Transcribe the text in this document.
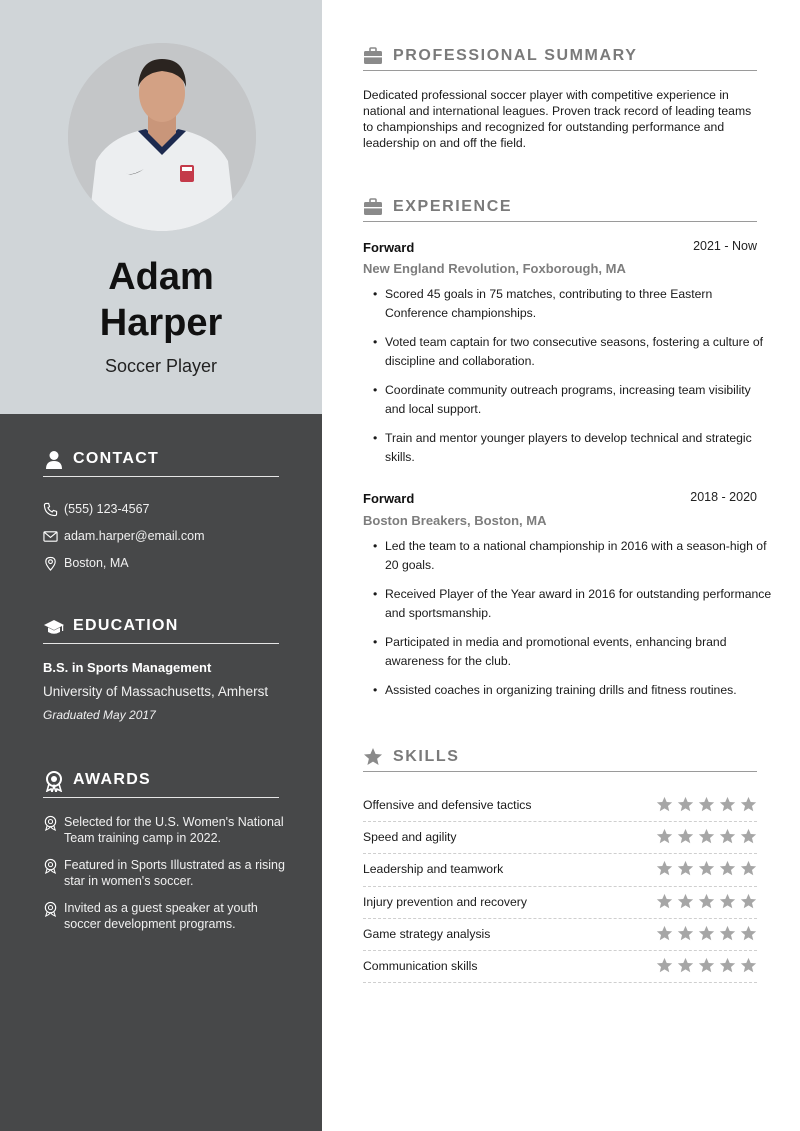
Adam
Harper
Soccer Player
CONTACT
(555) 123-4567
adam.harper@email.com
Boston, MA
EDUCATION
B.S. in Sports Management
University of Massachusetts, Amherst
Graduated May 2017
AWARDS
Selected for the U.S. Women's National Team training camp in 2022.
Featured in Sports Illustrated as a rising star in women's soccer.
Invited as a guest speaker at youth soccer development programs.
PROFESSIONAL SUMMARY
Dedicated professional soccer player with competitive experience in national and international leagues. Proven track record of leading teams to championships and recognized for outstanding performance and leadership on and off the field.
EXPERIENCE
Forward	2021 - Now
New England Revolution, Foxborough, MA
• Scored 45 goals in 75 matches, contributing to three Eastern Conference championships.
• Voted team captain for two consecutive seasons, fostering a culture of discipline and collaboration.
• Coordinate community outreach programs, increasing team visibility and local support.
• Train and mentor younger players to develop technical and strategic skills.
Forward	2018 - 2020
Boston Breakers, Boston, MA
• Led the team to a national championship in 2016 with a season-high of 20 goals.
• Received Player of the Year award in 2016 for outstanding performance and sportsmanship.
• Participated in media and promotional events, enhancing brand awareness for the club.
• Assisted coaches in organizing training drills and fitness routines.
SKILLS
Offensive and defensive tactics
Speed and agility
Leadership and teamwork
Injury prevention and recovery
Game strategy analysis
Communication skills
